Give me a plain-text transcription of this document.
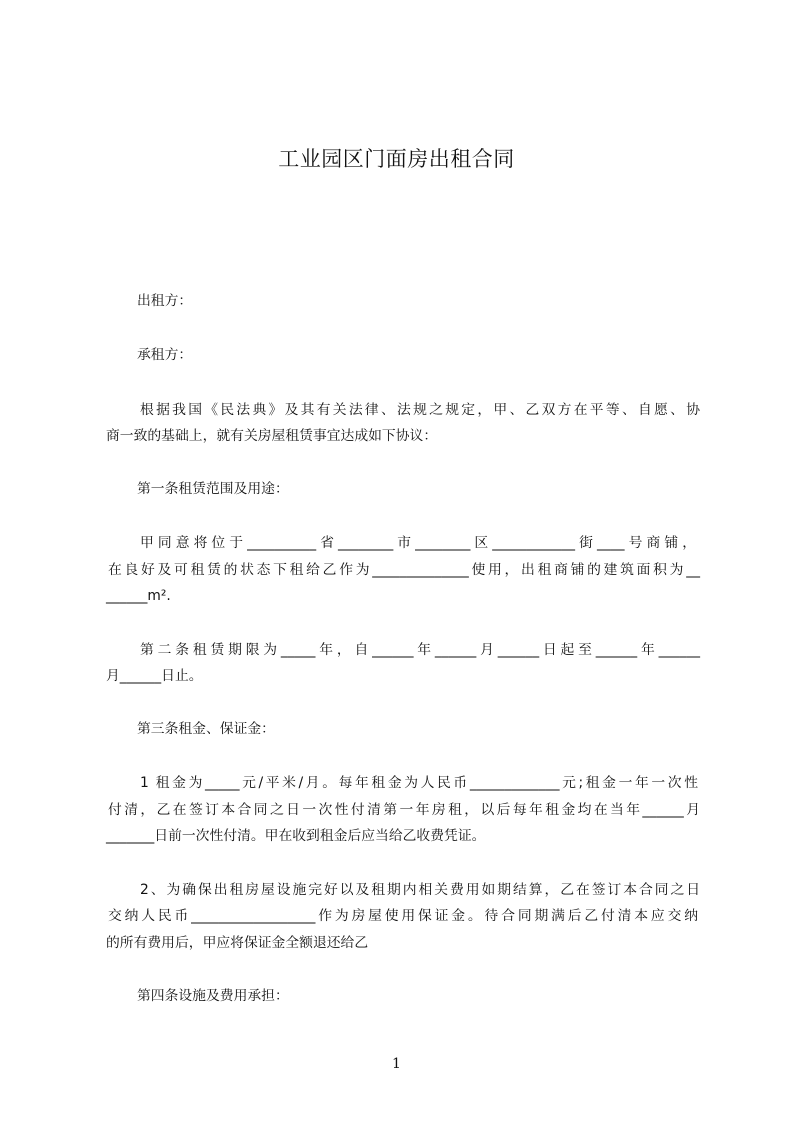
工业园区门面房出租合同
出租方：
承租方：
根据我国《民法典》及其有关法律、法规之规定，甲、乙双方在平等、自愿、协
商一致的基础上，就有关房屋租赁事宜达成如下协议：
第一条租赁范围及用途：
甲同意将位于__________省________市________区____________街____号商铺，
在良好及可租赁的状态下租给乙作为______________使用，出租商铺的建筑面积为__
______m².
第二条租赁期限为_____年，自______年______月______日起至______年______
月______日止。
第三条租金、保证金：
1 租金为_____元/平米/月。每年租金为人民币_____________元;租金一年一次性
付清，乙在签订本合同之日一次性付清第一年房租，以后每年租金均在当年______月
_______日前一次性付清。甲在收到租金后应当给乙收费凭证。
2、为确保出租房屋设施完好以及租期内相关费用如期结算，乙在签订本合同之日
交纳人民币__________________作为房屋使用保证金。待合同期满后乙付清本应交纳
的所有费用后，甲应将保证金全额退还给乙
第四条设施及费用承担：
1
